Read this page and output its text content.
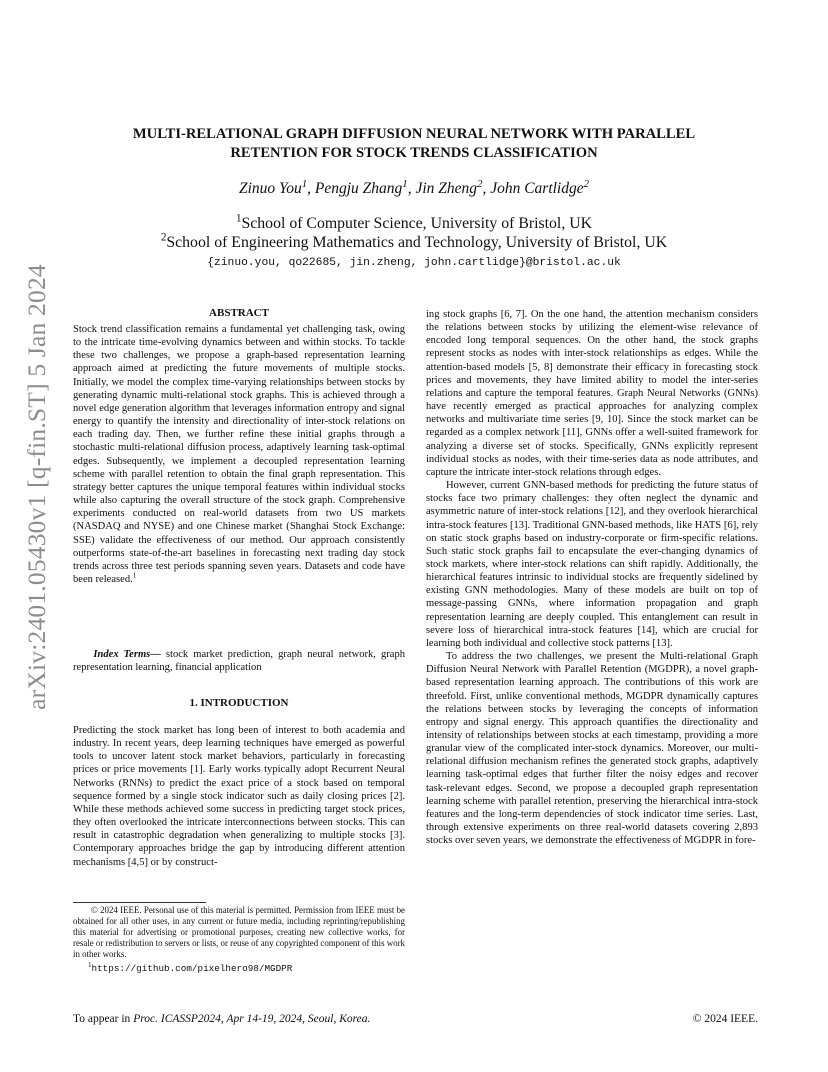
arXiv:2401.05430v1 [q-fin.ST] 5 Jan 2024
MULTI-RELATIONAL GRAPH DIFFUSION NEURAL NETWORK WITH PARALLEL
RETENTION FOR STOCK TRENDS CLASSIFICATION
Zinuo You$^1$, Pengju Zhang$^1$, Jin Zheng$^2$, John Cartlidge$^2$
$^1$School of Computer Science, University of Bristol, UK
$^2$School of Engineering Mathematics and Technology, University of Bristol, UK
{zinuo.you, qo22685, jin.zheng, john.cartlidge}@bristol.ac.uk
ABSTRACT
Stock trend classification remains a fundamental yet challenging task, owing to the intricate time-evolving dynamics between and within stocks. To tackle these two challenges, we propose a graph-based representation learning approach aimed at predicting the future movements of multiple stocks. Initially, we model the complex time-varying relationships between stocks by generating dynamic multi-relational stock graphs. This is achieved through a novel edge generation algorithm that leverages information entropy and signal energy to quantify the intensity and directionality of inter-stock relations on each trading day. Then, we further refine these initial graphs through a stochastic multi-relational diffusion process, adaptively learning task-optimal edges. Subsequently, we implement a decoupled representation learning scheme with parallel retention to obtain the final graph representation. This strategy better captures the unique temporal features within individual stocks while also capturing the overall structure of the stock graph. Comprehensive experiments conducted on real-world datasets from two US markets (NASDAQ and NYSE) and one Chinese market (Shanghai Stock Exchange: SSE) validate the effectiveness of our method. Our approach consistently outperforms state-of-the-art baselines in forecasting next trading day stock trends across three test periods spanning seven years. Datasets and code have been released.$^1$
Index Terms— stock market prediction, graph neural network, graph representation learning, financial application
1. INTRODUCTION
Predicting the stock market has long been of interest to both academia and industry. In recent years, deep learning techniques have emerged as powerful tools to uncover latent stock market behaviors, particularly in forecasting prices or price movements [1]. Early works typically adopt Recurrent Neural Networks (RNNs) to predict the exact price of a stock based on temporal sequence formed by a single stock indicator such as daily closing prices [2]. While these methods achieved some success in predicting target stock prices, they often overlooked the intricate interconnections between stocks. This can result in catastrophic degradation when generalizing to multiple stocks [3]. Contemporary approaches bridge the gap by introducing different attention mechanisms [4,5] or by construct-
© 2024 IEEE. Personal use of this material is permitted. Permission from IEEE must be obtained for all other uses, in any current or future media, including reprinting/republishing this material for advertising or promotional purposes, creating new collective works, for resale or redistribution to servers or lists, or reuse of any copyrighted component of this work in other works.
$^1$https://github.com/pixelhero98/MGDPR

ing stock graphs [6, 7]. On the one hand, the attention mechanism considers the relations between stocks by utilizing the element-wise relevance of encoded long temporal sequences. On the other hand, the stock graphs represent stocks as nodes with inter-stock relationships as edges. While the attention-based models [5, 8] demonstrate their efficacy in forecasting stock prices and movements, they have limited ability to model the inter-series relations and capture the temporal features. Graph Neural Networks (GNNs) have recently emerged as practical approaches for analyzing complex networks and multivariate time series [9, 10]. Since the stock market can be regarded as a complex network [11], GNNs offer a well-suited framework for analyzing a diverse set of stocks. Specifically, GNNs explicitly represent individual stocks as nodes, with their time-series data as node attributes, and capture the intricate inter-stock relations through edges.

However, current GNN-based methods for predicting the future status of stocks face two primary challenges: they often neglect the dynamic and asymmetric nature of inter-stock relations [12], and they overlook hierarchical intra-stock features [13]. Traditional GNN-based methods, like HATS [6], rely on static stock graphs based on industry-corporate or firm-specific relations. Such static stock graphs fail to encapsulate the ever-changing dynamics of stock markets, where inter-stock relations can shift rapidly. Additionally, the hierarchical features intrinsic to individual stocks are frequently sidelined by existing GNN methodologies. Many of these models are built on top of message-passing GNNs, where information propagation and graph representation learning are deeply coupled. This entanglement can result in severe loss of hierarchical intra-stock features [14], which are crucial for learning both individual and collective stock patterns [13].

To address the two challenges, we present the Multi-relational Graph Diffusion Neural Network with Parallel Retention (MGDPR), a novel graph-based representation learning approach. The contributions of this work are threefold. First, unlike conventional methods, MGDPR dynamically captures the relations between stocks by leveraging the concepts of information entropy and signal energy. This approach quantifies the directionality and intensity of relationships between stocks at each timestamp, providing a more granular view of the complicated inter-stock dynamics. Moreover, our multi-relational diffusion mechanism refines the generated stock graphs, adaptively learning task-optimal edges that further filter the noisy edges and recover task-relevant edges. Second, we propose a decoupled graph representation learning scheme with parallel retention, preserving the hierarchical intra-stock features and the long-term dependencies of stock indicator time series. Last, through extensive experiments on three real-world datasets covering 2,893 stocks over seven years, we demonstrate the effectiveness of MGDPR in fore-

To appear in Proc. ICASSP2024, Apr 14-19, 2024, Seoul, Korea.	© 2024 IEEE.
